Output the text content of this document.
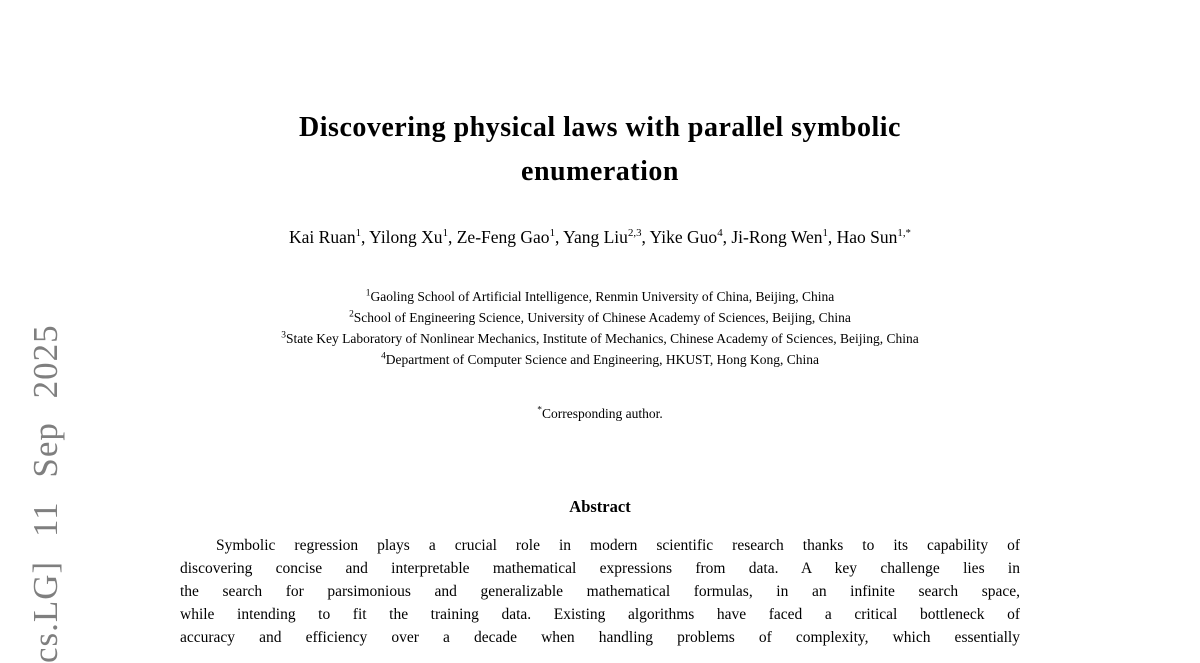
cs.LG] 11 Sep 2025
Discovering physical laws with parallel symbolic
enumeration
Kai Ruan$^1$, Yilong Xu$^1$, Ze-Feng Gao$^1$, Yang Liu$^{2,3}$, Yike Guo$^4$, Ji-Rong Wen$^1$, Hao Sun$^{1,*}$
$^1$Gaoling School of Artificial Intelligence, Renmin University of China, Beijing, China
$^2$School of Engineering Science, University of Chinese Academy of Sciences, Beijing, China
$^3$State Key Laboratory of Nonlinear Mechanics, Institute of Mechanics, Chinese Academy of Sciences, Beijing, China
$^4$Department of Computer Science and Engineering, HKUST, Hong Kong, China
*Corresponding author.
Abstract
Symbolic regression plays a crucial role in modern scientific research thanks to its capability of
discovering concise and interpretable mathematical expressions from data. A key challenge lies in
the search for parsimonious and generalizable mathematical formulas, in an infinite search space,
while intending to fit the training data. Existing algorithms have faced a critical bottleneck of
accuracy and efficiency over a decade when handling problems of complexity, which essentially
